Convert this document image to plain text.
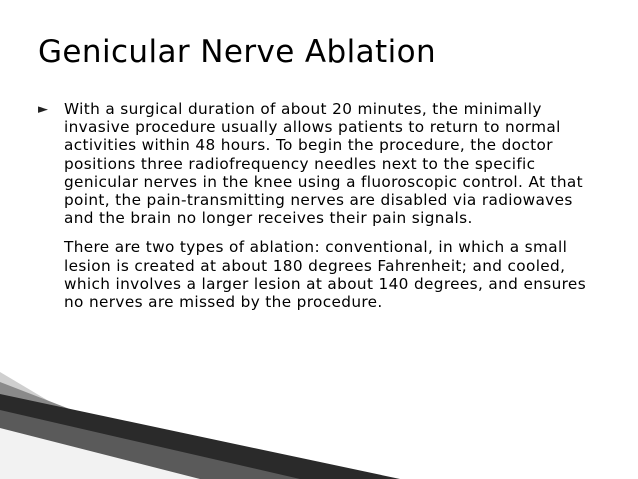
Genicular Nerve Ablation
► With a surgical duration of about 20 minutes, the minimally invasive procedure usually allows patients to return to normal activities within 48 hours. To begin the procedure, the doctor positions three radiofrequency needles next to the specific genicular nerves in the knee using a fluoroscopic control. At that point, the pain-transmitting nerves are disabled via radiowaves and the brain no longer receives their pain signals.

There are two types of ablation: conventional, in which a small lesion is created at about 180 degrees Fahrenheit; and cooled, which involves a larger lesion at about 140 degrees, and ensures no nerves are missed by the procedure.
